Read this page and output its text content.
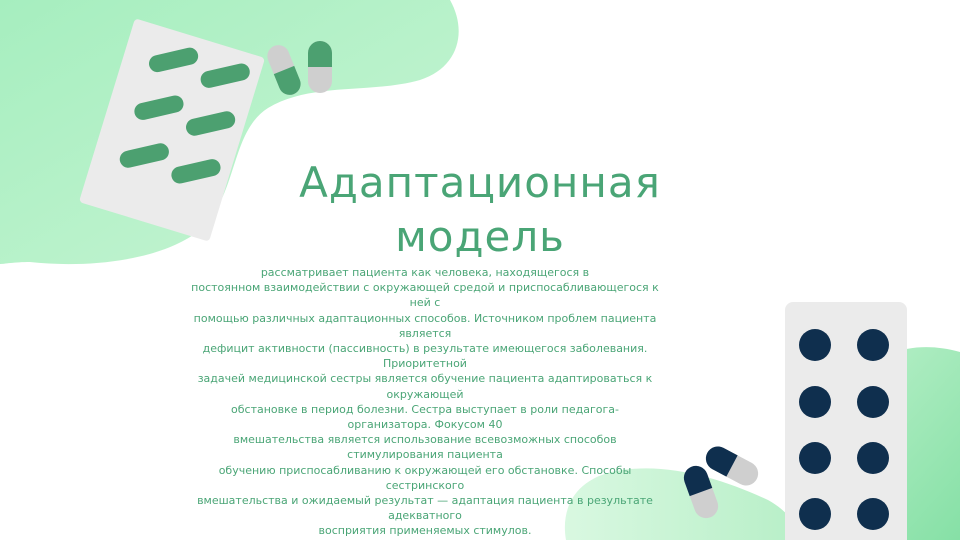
Адаптационная
модель
рассматривает пациента как человека, находящегося в
постоянном взаимодействии с окружающей средой и приспосабливающегося к
ней с
помощью различных адаптационных способов. Источником проблем пациента
является
дефицит активности (пассивность) в результате имеющегося заболевания.
Приоритетной
задачей медицинской сестры является обучение пациента адаптироваться к
окружающей
обстановке в период болезни. Сестра выступает в роли педагога-
организатора. Фокусом 40
вмешательства является использование всевозможных способов
стимулирования пациента
обучению приспосабливанию к окружающей его обстановке. Способы
сестринского
вмешательства и ожидаемый результат — адаптация пациента в результате
адекватного
восприятия применяемых стимулов.
